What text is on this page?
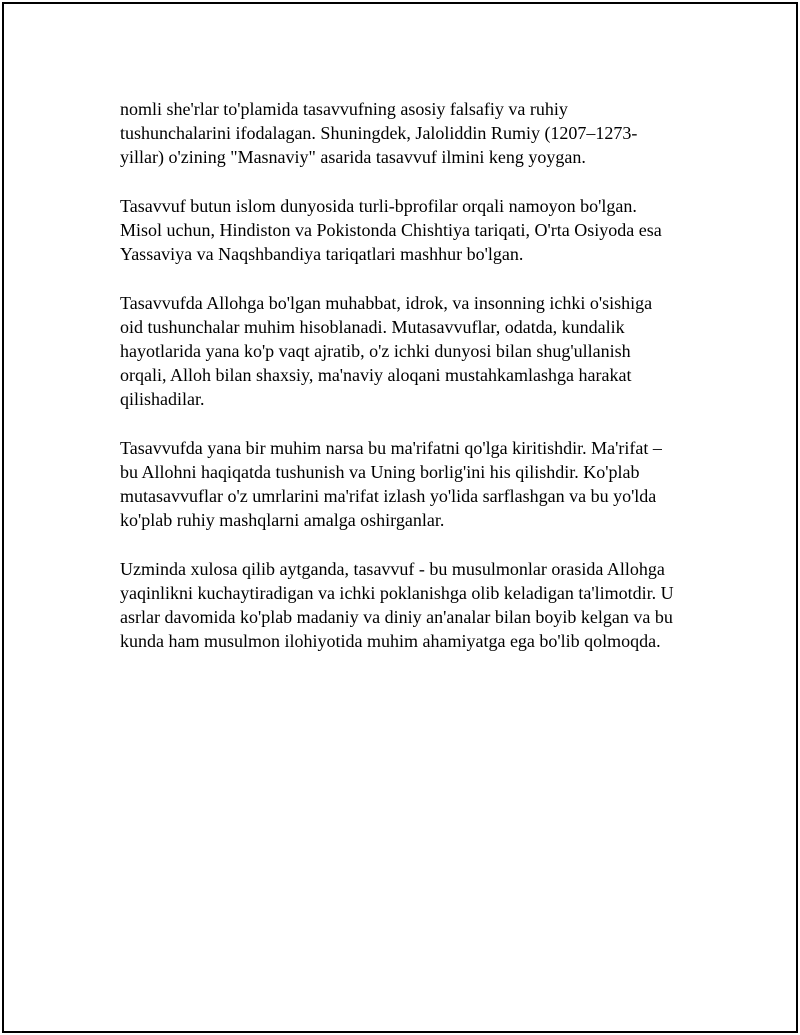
nomli she'rlar to'plamida tasavvufning asosiy falsafiy va ruhiy
tushunchalarini ifodalagan. Shuningdek, Jaloliddin Rumiy (1207–1273-
yillar) o'zining "Masnaviy" asarida tasavvuf ilmini keng yoygan.

Tasavvuf butun islom dunyosida turli-bprofilar orqali namoyon bo'lgan.
Misol uchun, Hindiston va Pokistonda Chishtiya tariqati, O'rta Osiyoda esa
Yassaviya va Naqshbandiya tariqatlari mashhur bo'lgan.

Tasavvufda Allohga bo'lgan muhabbat, idrok, va insonning ichki o'sishiga
oid tushunchalar muhim hisoblanadi. Mutasavvuflar, odatda, kundalik
hayotlarida yana ko'p vaqt ajratib, o'z ichki dunyosi bilan shug'ullanish
orqali, Alloh bilan shaxsiy, ma'naviy aloqani mustahkamlashga harakat
qilishadilar.

Tasavvufda yana bir muhim narsa bu ma'rifatni qo'lga kiritishdir. Ma'rifat –
bu Allohni haqiqatda tushunish va Uning borlig'ini his qilishdir. Ko'plab
mutasavvuflar o'z umrlarini ma'rifat izlash yo'lida sarflashgan va bu yo'lda
ko'plab ruhiy mashqlarni amalga oshirganlar.

Uzminda xulosa qilib aytganda, tasavvuf - bu musulmonlar orasida Allohga
yaqinlikni kuchaytiradigan va ichki poklanishga olib keladigan ta'limotdir. U
asrlar davomida ko'plab madaniy va diniy an'analar bilan boyib kelgan va bu
kunda ham musulmon ilohiyotida muhim ahamiyatga ega bo'lib qolmoqda.
